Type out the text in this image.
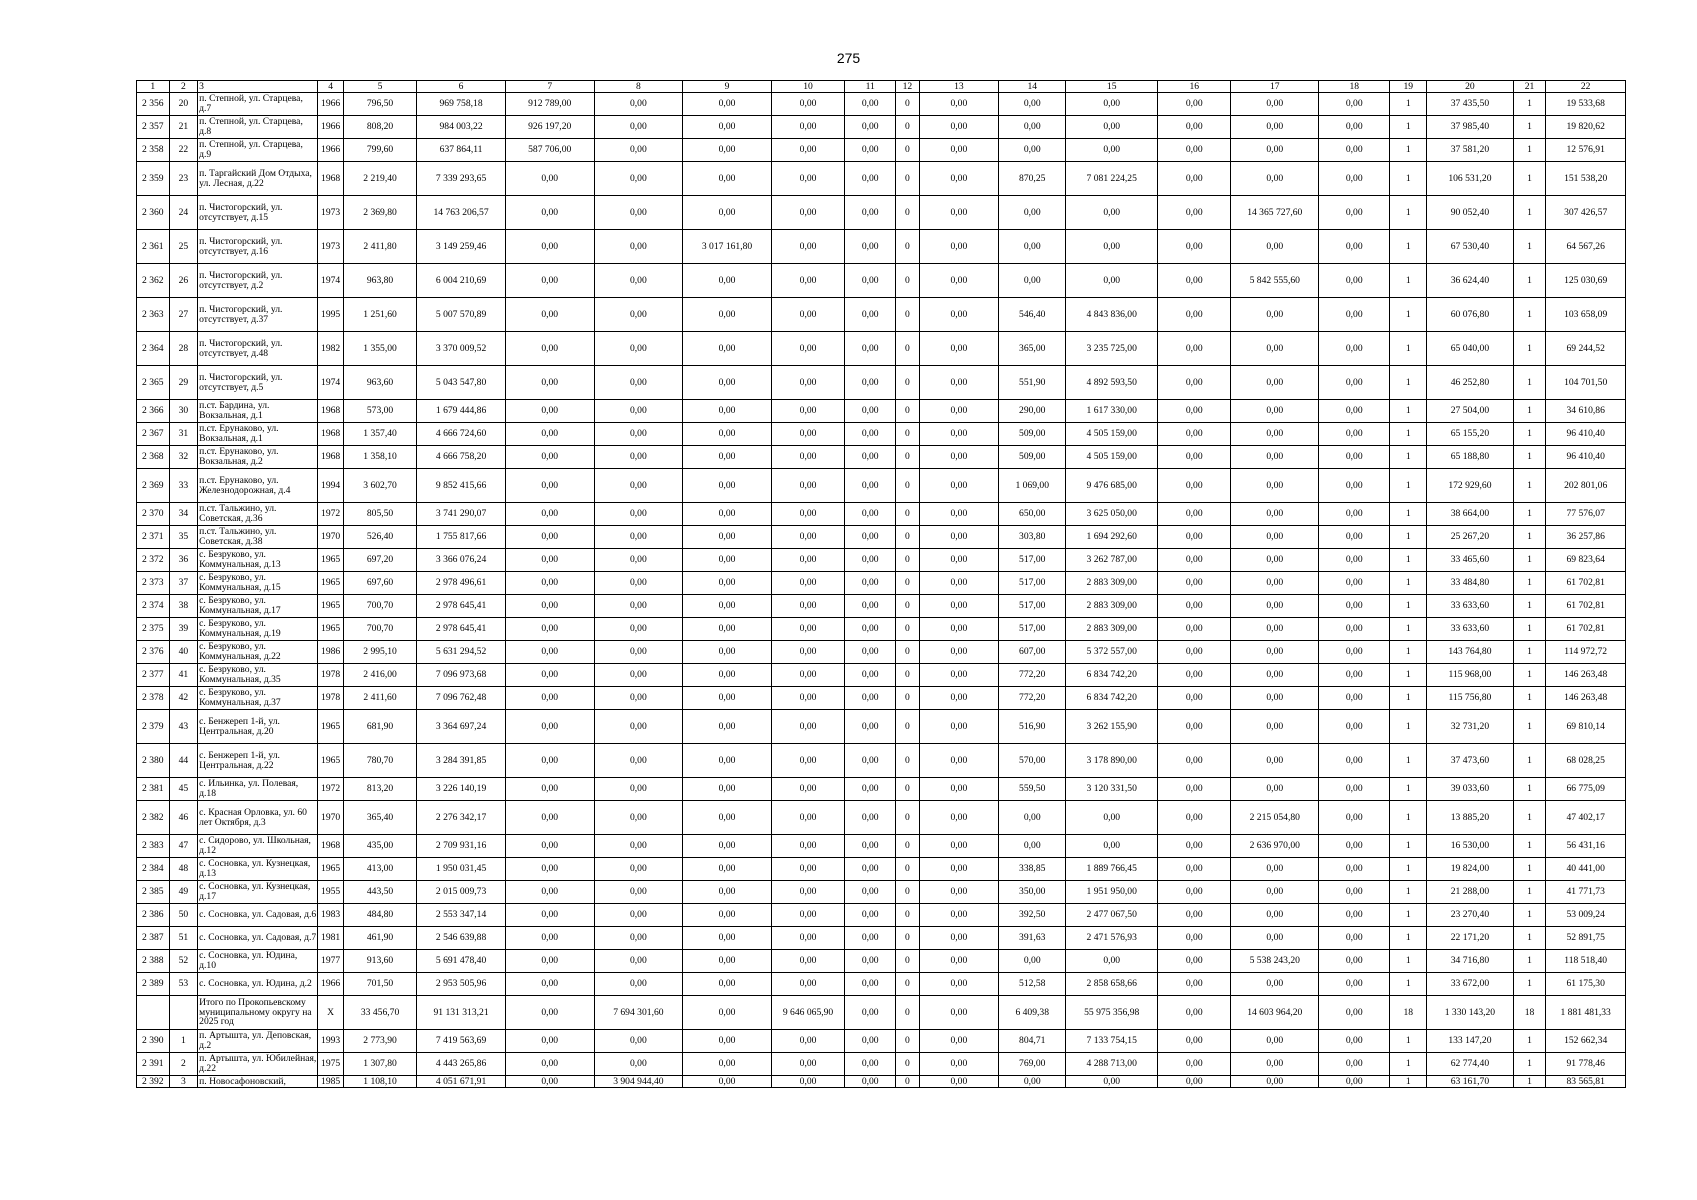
275
1	2	3	4	5	6	7	8	9	10	11	12	13	14	15	16	17	18	19	20	21	22
2 356	20	п. Степной, ул. Старцева, д.7	1966	796,50	969 758,18	912 789,00	0,00	0,00	0,00	0,00	0	0,00	0,00	0,00	0,00	0,00	0,00	1	37 435,50	1	19 533,68
2 357	21	п. Степной, ул. Старцева, д.8	1966	808,20	984 003,22	926 197,20	0,00	0,00	0,00	0,00	0	0,00	0,00	0,00	0,00	0,00	0,00	1	37 985,40	1	19 820,62
2 358	22	п. Степной, ул. Старцева, д.9	1966	799,60	637 864,11	587 706,00	0,00	0,00	0,00	0,00	0	0,00	0,00	0,00	0,00	0,00	0,00	1	37 581,20	1	12 576,91
2 359	23	п. Таргайский Дом Отдыха, ул. Лесная, д.22	1968	2 219,40	7 339 293,65	0,00	0,00	0,00	0,00	0,00	0	0,00	870,25	7 081 224,25	0,00	0,00	0,00	1	106 531,20	1	151 538,20
2 360	24	п. Чистогорский, ул. отсутствует, д.15	1973	2 369,80	14 763 206,57	0,00	0,00	0,00	0,00	0,00	0	0,00	0,00	0,00	0,00	14 365 727,60	0,00	1	90 052,40	1	307 426,57
2 361	25	п. Чистогорский, ул. отсутствует, д.16	1973	2 411,80	3 149 259,46	0,00	0,00	3 017 161,80	0,00	0,00	0	0,00	0,00	0,00	0,00	0,00	0,00	1	67 530,40	1	64 567,26
2 362	26	п. Чистогорский, ул. отсутствует, д.2	1974	963,80	6 004 210,69	0,00	0,00	0,00	0,00	0,00	0	0,00	0,00	0,00	0,00	5 842 555,60	0,00	1	36 624,40	1	125 030,69
2 363	27	п. Чистогорский, ул. отсутствует, д.37	1995	1 251,60	5 007 570,89	0,00	0,00	0,00	0,00	0,00	0	0,00	546,40	4 843 836,00	0,00	0,00	0,00	1	60 076,80	1	103 658,09
2 364	28	п. Чистогорский, ул. отсутствует, д.48	1982	1 355,00	3 370 009,52	0,00	0,00	0,00	0,00	0,00	0	0,00	365,00	3 235 725,00	0,00	0,00	0,00	1	65 040,00	1	69 244,52
2 365	29	п. Чистогорский, ул. отсутствует, д.5	1974	963,60	5 043 547,80	0,00	0,00	0,00	0,00	0,00	0	0,00	551,90	4 892 593,50	0,00	0,00	0,00	1	46 252,80	1	104 701,50
2 366	30	п.ст. Бардина, ул. Вокзальная, д.1	1968	573,00	1 679 444,86	0,00	0,00	0,00	0,00	0,00	0	0,00	290,00	1 617 330,00	0,00	0,00	0,00	1	27 504,00	1	34 610,86
2 367	31	п.ст. Ерунаково, ул. Вокзальная, д.1	1968	1 357,40	4 666 724,60	0,00	0,00	0,00	0,00	0,00	0	0,00	509,00	4 505 159,00	0,00	0,00	0,00	1	65 155,20	1	96 410,40
2 368	32	п.ст. Ерунаково, ул. Вокзальная, д.2	1968	1 358,10	4 666 758,20	0,00	0,00	0,00	0,00	0,00	0	0,00	509,00	4 505 159,00	0,00	0,00	0,00	1	65 188,80	1	96 410,40
2 369	33	п.ст. Ерунаково, ул. Железнодорожная, д.4	1994	3 602,70	9 852 415,66	0,00	0,00	0,00	0,00	0,00	0	0,00	1 069,00	9 476 685,00	0,00	0,00	0,00	1	172 929,60	1	202 801,06
2 370	34	п.ст. Тальжино, ул. Советская, д.36	1972	805,50	3 741 290,07	0,00	0,00	0,00	0,00	0,00	0	0,00	650,00	3 625 050,00	0,00	0,00	0,00	1	38 664,00	1	77 576,07
2 371	35	п.ст. Тальжино, ул. Советская, д.38	1970	526,40	1 755 817,66	0,00	0,00	0,00	0,00	0,00	0	0,00	303,80	1 694 292,60	0,00	0,00	0,00	1	25 267,20	1	36 257,86
2 372	36	с. Безруково, ул. Коммунальная, д.13	1965	697,20	3 366 076,24	0,00	0,00	0,00	0,00	0,00	0	0,00	517,00	3 262 787,00	0,00	0,00	0,00	1	33 465,60	1	69 823,64
2 373	37	с. Безруково, ул. Коммунальная, д.15	1965	697,60	2 978 496,61	0,00	0,00	0,00	0,00	0,00	0	0,00	517,00	2 883 309,00	0,00	0,00	0,00	1	33 484,80	1	61 702,81
2 374	38	с. Безруково, ул. Коммунальная, д.17	1965	700,70	2 978 645,41	0,00	0,00	0,00	0,00	0,00	0	0,00	517,00	2 883 309,00	0,00	0,00	0,00	1	33 633,60	1	61 702,81
2 375	39	с. Безруково, ул. Коммунальная, д.19	1965	700,70	2 978 645,41	0,00	0,00	0,00	0,00	0,00	0	0,00	517,00	2 883 309,00	0,00	0,00	0,00	1	33 633,60	1	61 702,81
2 376	40	с. Безруково, ул. Коммунальная, д.22	1986	2 995,10	5 631 294,52	0,00	0,00	0,00	0,00	0,00	0	0,00	607,00	5 372 557,00	0,00	0,00	0,00	1	143 764,80	1	114 972,72
2 377	41	с. Безруково, ул. Коммунальная, д.35	1978	2 416,00	7 096 973,68	0,00	0,00	0,00	0,00	0,00	0	0,00	772,20	6 834 742,20	0,00	0,00	0,00	1	115 968,00	1	146 263,48
2 378	42	с. Безруково, ул. Коммунальная, д.37	1978	2 411,60	7 096 762,48	0,00	0,00	0,00	0,00	0,00	0	0,00	772,20	6 834 742,20	0,00	0,00	0,00	1	115 756,80	1	146 263,48
2 379	43	с. Бенжереп 1-й, ул. Центральная, д.20	1965	681,90	3 364 697,24	0,00	0,00	0,00	0,00	0,00	0	0,00	516,90	3 262 155,90	0,00	0,00	0,00	1	32 731,20	1	69 810,14
2 380	44	с. Бенжереп 1-й, ул. Центральная, д.22	1965	780,70	3 284 391,85	0,00	0,00	0,00	0,00	0,00	0	0,00	570,00	3 178 890,00	0,00	0,00	0,00	1	37 473,60	1	68 028,25
2 381	45	с. Ильинка, ул. Полевая, д.18	1972	813,20	3 226 140,19	0,00	0,00	0,00	0,00	0,00	0	0,00	559,50	3 120 331,50	0,00	0,00	0,00	1	39 033,60	1	66 775,09
2 382	46	с. Красная Орловка, ул. 60 лет Октября, д.3	1970	365,40	2 276 342,17	0,00	0,00	0,00	0,00	0,00	0	0,00	0,00	0,00	0,00	2 215 054,80	0,00	1	13 885,20	1	47 402,17
2 383	47	с. Сидорово, ул. Школьная, д.12	1968	435,00	2 709 931,16	0,00	0,00	0,00	0,00	0,00	0	0,00	0,00	0,00	0,00	2 636 970,00	0,00	1	16 530,00	1	56 431,16
2 384	48	с. Сосновка, ул. Кузнецкая, д.13	1965	413,00	1 950 031,45	0,00	0,00	0,00	0,00	0,00	0	0,00	338,85	1 889 766,45	0,00	0,00	0,00	1	19 824,00	1	40 441,00
2 385	49	с. Сосновка, ул. Кузнецкая, д.17	1955	443,50	2 015 009,73	0,00	0,00	0,00	0,00	0,00	0	0,00	350,00	1 951 950,00	0,00	0,00	0,00	1	21 288,00	1	41 771,73
2 386	50	с. Сосновка, ул. Садовая, д.6	1983	484,80	2 553 347,14	0,00	0,00	0,00	0,00	0,00	0	0,00	392,50	2 477 067,50	0,00	0,00	0,00	1	23 270,40	1	53 009,24
2 387	51	с. Сосновка, ул. Садовая, д.7	1981	461,90	2 546 639,88	0,00	0,00	0,00	0,00	0,00	0	0,00	391,63	2 471 576,93	0,00	0,00	0,00	1	22 171,20	1	52 891,75
2 388	52	с. Сосновка, ул. Юдина, д.10	1977	913,60	5 691 478,40	0,00	0,00	0,00	0,00	0,00	0	0,00	0,00	0,00	0,00	5 538 243,20	0,00	1	34 716,80	1	118 518,40
2 389	53	с. Сосновка, ул. Юдина, д.2	1966	701,50	2 953 505,96	0,00	0,00	0,00	0,00	0,00	0	0,00	512,58	2 858 658,66	0,00	0,00	0,00	1	33 672,00	1	61 175,30
		Итого по Прокопьевскому муниципальному округу на 2025 год	X	33 456,70	91 131 313,21	0,00	7 694 301,60	0,00	9 646 065,90	0,00	0	0,00	6 409,38	55 975 356,98	0,00	14 603 964,20	0,00	18	1 330 143,20	18	1 881 481,33
2 390	1	п. Артышта, ул. Деповская, д.2	1993	2 773,90	7 419 563,69	0,00	0,00	0,00	0,00	0,00	0	0,00	804,71	7 133 754,15	0,00	0,00	0,00	1	133 147,20	1	152 662,34
2 391	2	п. Артышта, ул. Юбилейная, д.22	1975	1 307,80	4 443 265,86	0,00	0,00	0,00	0,00	0,00	0	0,00	769,00	4 288 713,00	0,00	0,00	0,00	1	62 774,40	1	91 778,46
2 392	3	п. Новосафоновский,	1985	1 108,10	4 051 671,91	0,00	3 904 944,40	0,00	0,00	0,00	0	0,00	0,00	0,00	0,00	0,00	0,00	1	63 161,70	1	83 565,81
